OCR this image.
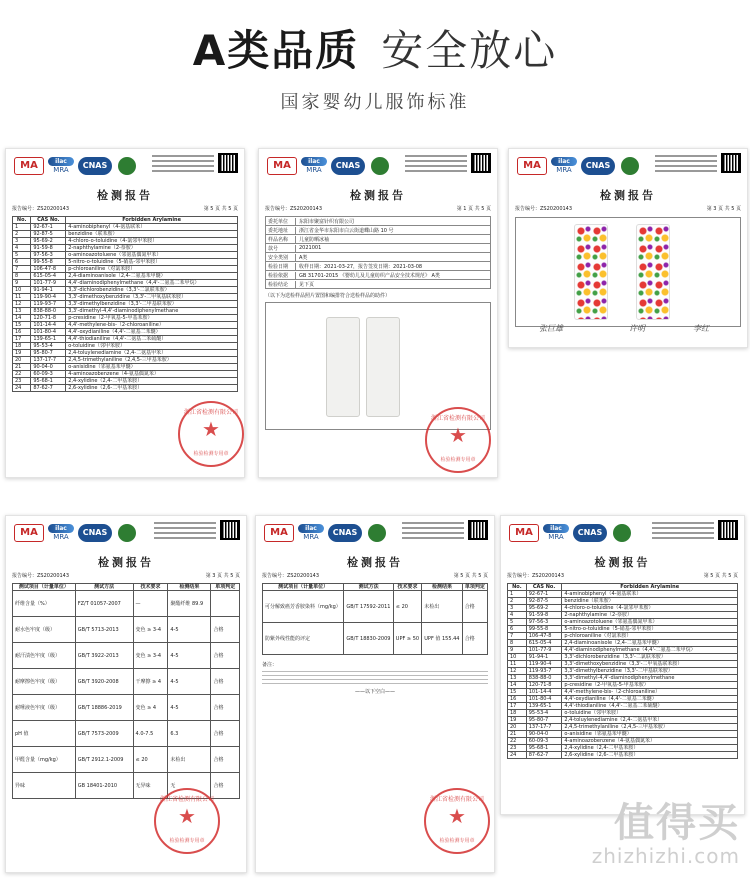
A类品质 安全放心
国家婴幼儿服饰标准
MA	ilac
MRA	CNAS
检测报告
报告编号：ZS20200143	第 5 页 共 5 页
No.	CAS No.	Forbidden Arylamine
1	92-67-1	4-aminobiphenyl（4-氨基联苯）
2	92-87-5	benzidine（联苯胺）
3	95-69-2	4-chloro-o-toluidine（4-氯邻甲苯胺）
4	91-59-8	2-naphthylamine（2-萘胺）
5	97-56-3	o-aminoazotoluene（邻氨基偶氮甲苯）
6	99-55-8	5-nitro-o-toluidine（5-硝基-邻甲苯胺）
7	106-47-8	p-chloroaniline（对氯苯胺）
8	615-05-4	2,4-diaminoanisole（2,4-二氨基苯甲醚）
9	101-77-9	4,4'-diaminodiphenylmethane（4,4'-二氨基二苯甲烷）
10	91-94-1	3,3'-dichlorobenzidine（3,3'-二氯联苯胺）
11	119-90-4	3,3'-dimethoxybenzidine（3,3'-二甲氧基联苯胺）
12	119-93-7	3,3'-dimethylbenzidine（3,3'-二甲基联苯胺）
13	838-88-0	3,3'-dimethyl-4,4'-diaminodiphenylmethane
14	120-71-8	p-cresidine（2-甲氧基-5-甲基苯胺）
15	101-14-4	4,4'-methylene-bis-（2-chloroaniline）
16	101-80-4	4,4'-oxydianiline（4,4'-二氨基二苯醚）
17	139-65-1	4,4'-thiodianiline（4,4'-二氨基二苯硫醚）
18	95-53-4	o-toluidine（邻甲苯胺）
19	95-80-7	2,4-toluylenediamine（2,4-二氨基甲苯）
20	137-17-7	2,4,5-trimethylaniline（2,4,5-三甲基苯胺）
21	90-04-0	o-anisidine（邻氨基苯甲醚）
22	60-09-3	4-aminoazobenzene（4-氨基偶氮苯）
23	95-68-1	2,4-xylidine（2,4-二甲基苯胺）
24	87-62-7	2,6-xylidine（2,6-二甲基苯胺）
浙江省检测有限公司
★
检验检测专用章
MA	ilac
MRA	CNAS
检测报告
报告编号：ZS20200143	第 1 页 共 5 页
委托单位	东阳市聚富针织有限公司
委托地址	浙江省金华市东阳市白云街道蝶山路 10 号
样品名称	儿童防晒冰袖
款号	2021001
安全类别	A类
检验日期	收样日期：2021-03-27，报告签发日期：2021-03-08
检验依据	GB 31701-2015 《婴幼儿及儿童纺织产品安全技术规范》 A类
检验结论	见下页
（以下为送检样品照片置图和编排符合送检样品的助件）
浙江省检测有限公司
★
检验检测专用章
MA	ilac
MRA	CNAS
检测报告
报告编号：ZS20200143	第 3 页 共 5 页
张巨雄	许明	李红
MA	ilac
MRA	CNAS
检测报告
报告编号：ZS20200143	第 3 页 共 5 页
测试项目（计量单位）	测试方法	技术要求	检测结果	单项判定
纤维含量（%）	FZ/T 01057-2007	—	聚酯纤维 89.9	
耐水色牢度（级）	GB/T 5713-2013	变色 ≥ 3-4	4-5	合格
耐汗渍色牢度（级）	GB/T 3922-2013	变色 ≥ 3-4	4-5	合格
耐摩擦色牢度（级）	GB/T 3920-2008	干摩擦 ≥ 4	4-5	合格
耐唾液色牢度（级）	GB/T 18886-2019	变色 ≥ 4	4-5	合格
pH 值	GB/T 7573-2009	4.0-7.5	6.3	合格
甲醛含量（mg/kg）	GB/T 2912.1-2009	≤ 20	未检出	合格
异味	GB 18401-2010	无异味	无	合格
浙江省检测有限公司
★
检验检测专用章
MA	ilac
MRA	CNAS
检测报告
报告编号：ZS20200143	第 5 页 共 5 页
测试项目（计量单位）	测试方法	技术要求	检测结果	单项判定
可分解致癌芳香胺染料（mg/kg）	GB/T 17592-2011	≤ 20	未检出	合格
防紫外线性能的评定	GB/T 18830-2009	UPF ≥ 50	UPF 值 155.44	合格
备注：
——以下空白——
浙江省检测有限公司
★
检验检测专用章
MA	ilac
MRA	CNAS
检测报告
报告编号：ZS20200143	第 5 页 共 5 页
No.	CAS No.	Forbidden Arylamine
1	92-67-1	4-aminobiphenyl（4-氨基联苯）
2	92-87-5	benzidine（联苯胺）
3	95-69-2	4-chloro-o-toluidine（4-氯邻甲苯胺）
4	91-59-8	2-naphthylamine（2-萘胺）
5	97-56-3	o-aminoazotoluene（邻氨基偶氮甲苯）
6	99-55-8	5-nitro-o-toluidine（5-硝基-邻甲苯胺）
7	106-47-8	p-chloroaniline（对氯苯胺）
8	615-05-4	2,4-diaminoanisole（2,4-二氨基苯甲醚）
9	101-77-9	4,4'-diaminodiphenylmethane（4,4'-二氨基二苯甲烷）
10	91-94-1	3,3'-dichlorobenzidine（3,3'-二氯联苯胺）
11	119-90-4	3,3'-dimethoxybenzidine（3,3'-二甲氧基联苯胺）
12	119-93-7	3,3'-dimethylbenzidine（3,3'-二甲基联苯胺）
13	838-88-0	3,3'-dimethyl-4,4'-diaminodiphenylmethane
14	120-71-8	p-cresidine（2-甲氧基-5-甲基苯胺）
15	101-14-4	4,4'-methylene-bis-（2-chloroaniline）
16	101-80-4	4,4'-oxydianiline（4,4'-二氨基二苯醚）
17	139-65-1	4,4'-thiodianiline（4,4'-二氨基二苯硫醚）
18	95-53-4	o-toluidine（邻甲苯胺）
19	95-80-7	2,4-toluylenediamine（2,4-二氨基甲苯）
20	137-17-7	2,4,5-trimethylaniline（2,4,5-三甲基苯胺）
21	90-04-0	o-anisidine（邻氨基苯甲醚）
22	60-09-3	4-aminoazobenzene（4-氨基偶氮苯）
23	95-68-1	2,4-xylidine（2,4-二甲基苯胺）
24	87-62-7	2,6-xylidine（2,6-二甲基苯胺）
值得买
zhizhizhi.com
